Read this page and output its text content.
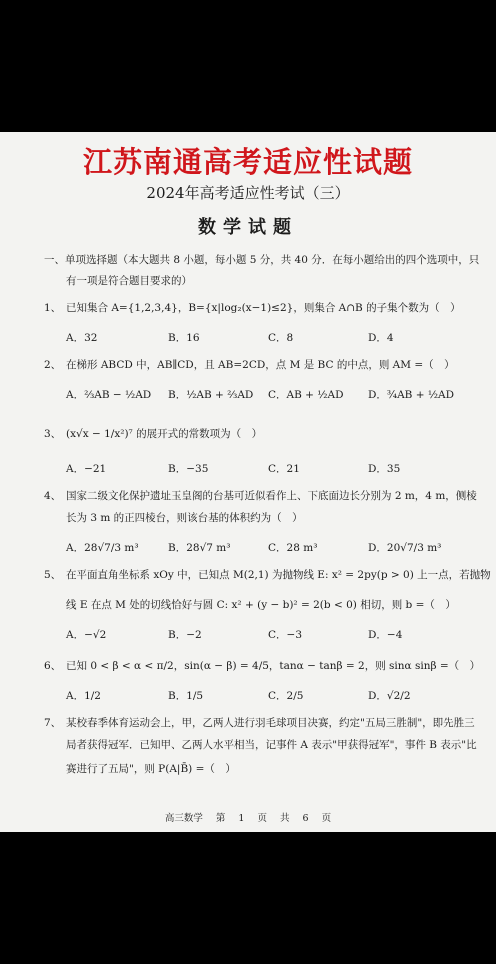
江苏南通高考适应性试题
2024年高考适应性考试（三）
数学试题
一、单项选择题（本大题共 8 小题，每小题 5 分，共 40 分．在每小题给出的四个选项中，只
有一项是符合题目要求的）
1、 已知集合 A={1,2,3,4}，B={x|log₂(x−1)≤2}，则集合 A∩B 的子集个数为（　）
A．32	B．16	C．8	D．4
2、 在梯形 ABCD 中，AB∥CD，且 AB=2CD，点 M 是 BC 的中点，则 AM =（　）
A．⅔AB − ½AD B．½AB + ⅔AD C．AB + ½AD D．¾AB + ½AD
3、 (x√x − 1/x²)⁷ 的展开式的常数项为（　）
A．−21	B．−35	C．21	D．35
4、 国家二级文化保护遗址玉皇阁的台基可近似看作上、下底面边长分别为 2 m，4 m，侧棱
长为 3 m 的正四棱台，则该台基的体积约为（　）
A．28√7/3 m³	B．28√7 m³	C．28 m³	D．20√7/3 m³
5、 在平面直角坐标系 xOy 中，已知点 M(2,1) 为抛物线 E: x² = 2py(p > 0) 上一点，若抛物
线 E 在点 M 处的切线恰好与圆 C: x² + (y − b)² = 2(b < 0) 相切，则 b =（　）
A．−√2	B．−2	C．−3	D．−4
6、 已知 0 < β < α < π/2，sin(α − β) = 4/5，tanα − tanβ = 2，则 sinα sinβ =（　）
A．1/2	B．1/5	C．2/5	D．√2/2
7、 某校春季体育运动会上，甲，乙两人进行羽毛球项目决赛，约定"五局三胜制"，即先胜三
局者获得冠军．已知甲、乙两人水平相当，记事件 A 表示"甲获得冠军"，事件 B 表示"比
赛进行了五局"，则 P(A|B̄) =（　）
高三数学 第 1 页 共 6 页
